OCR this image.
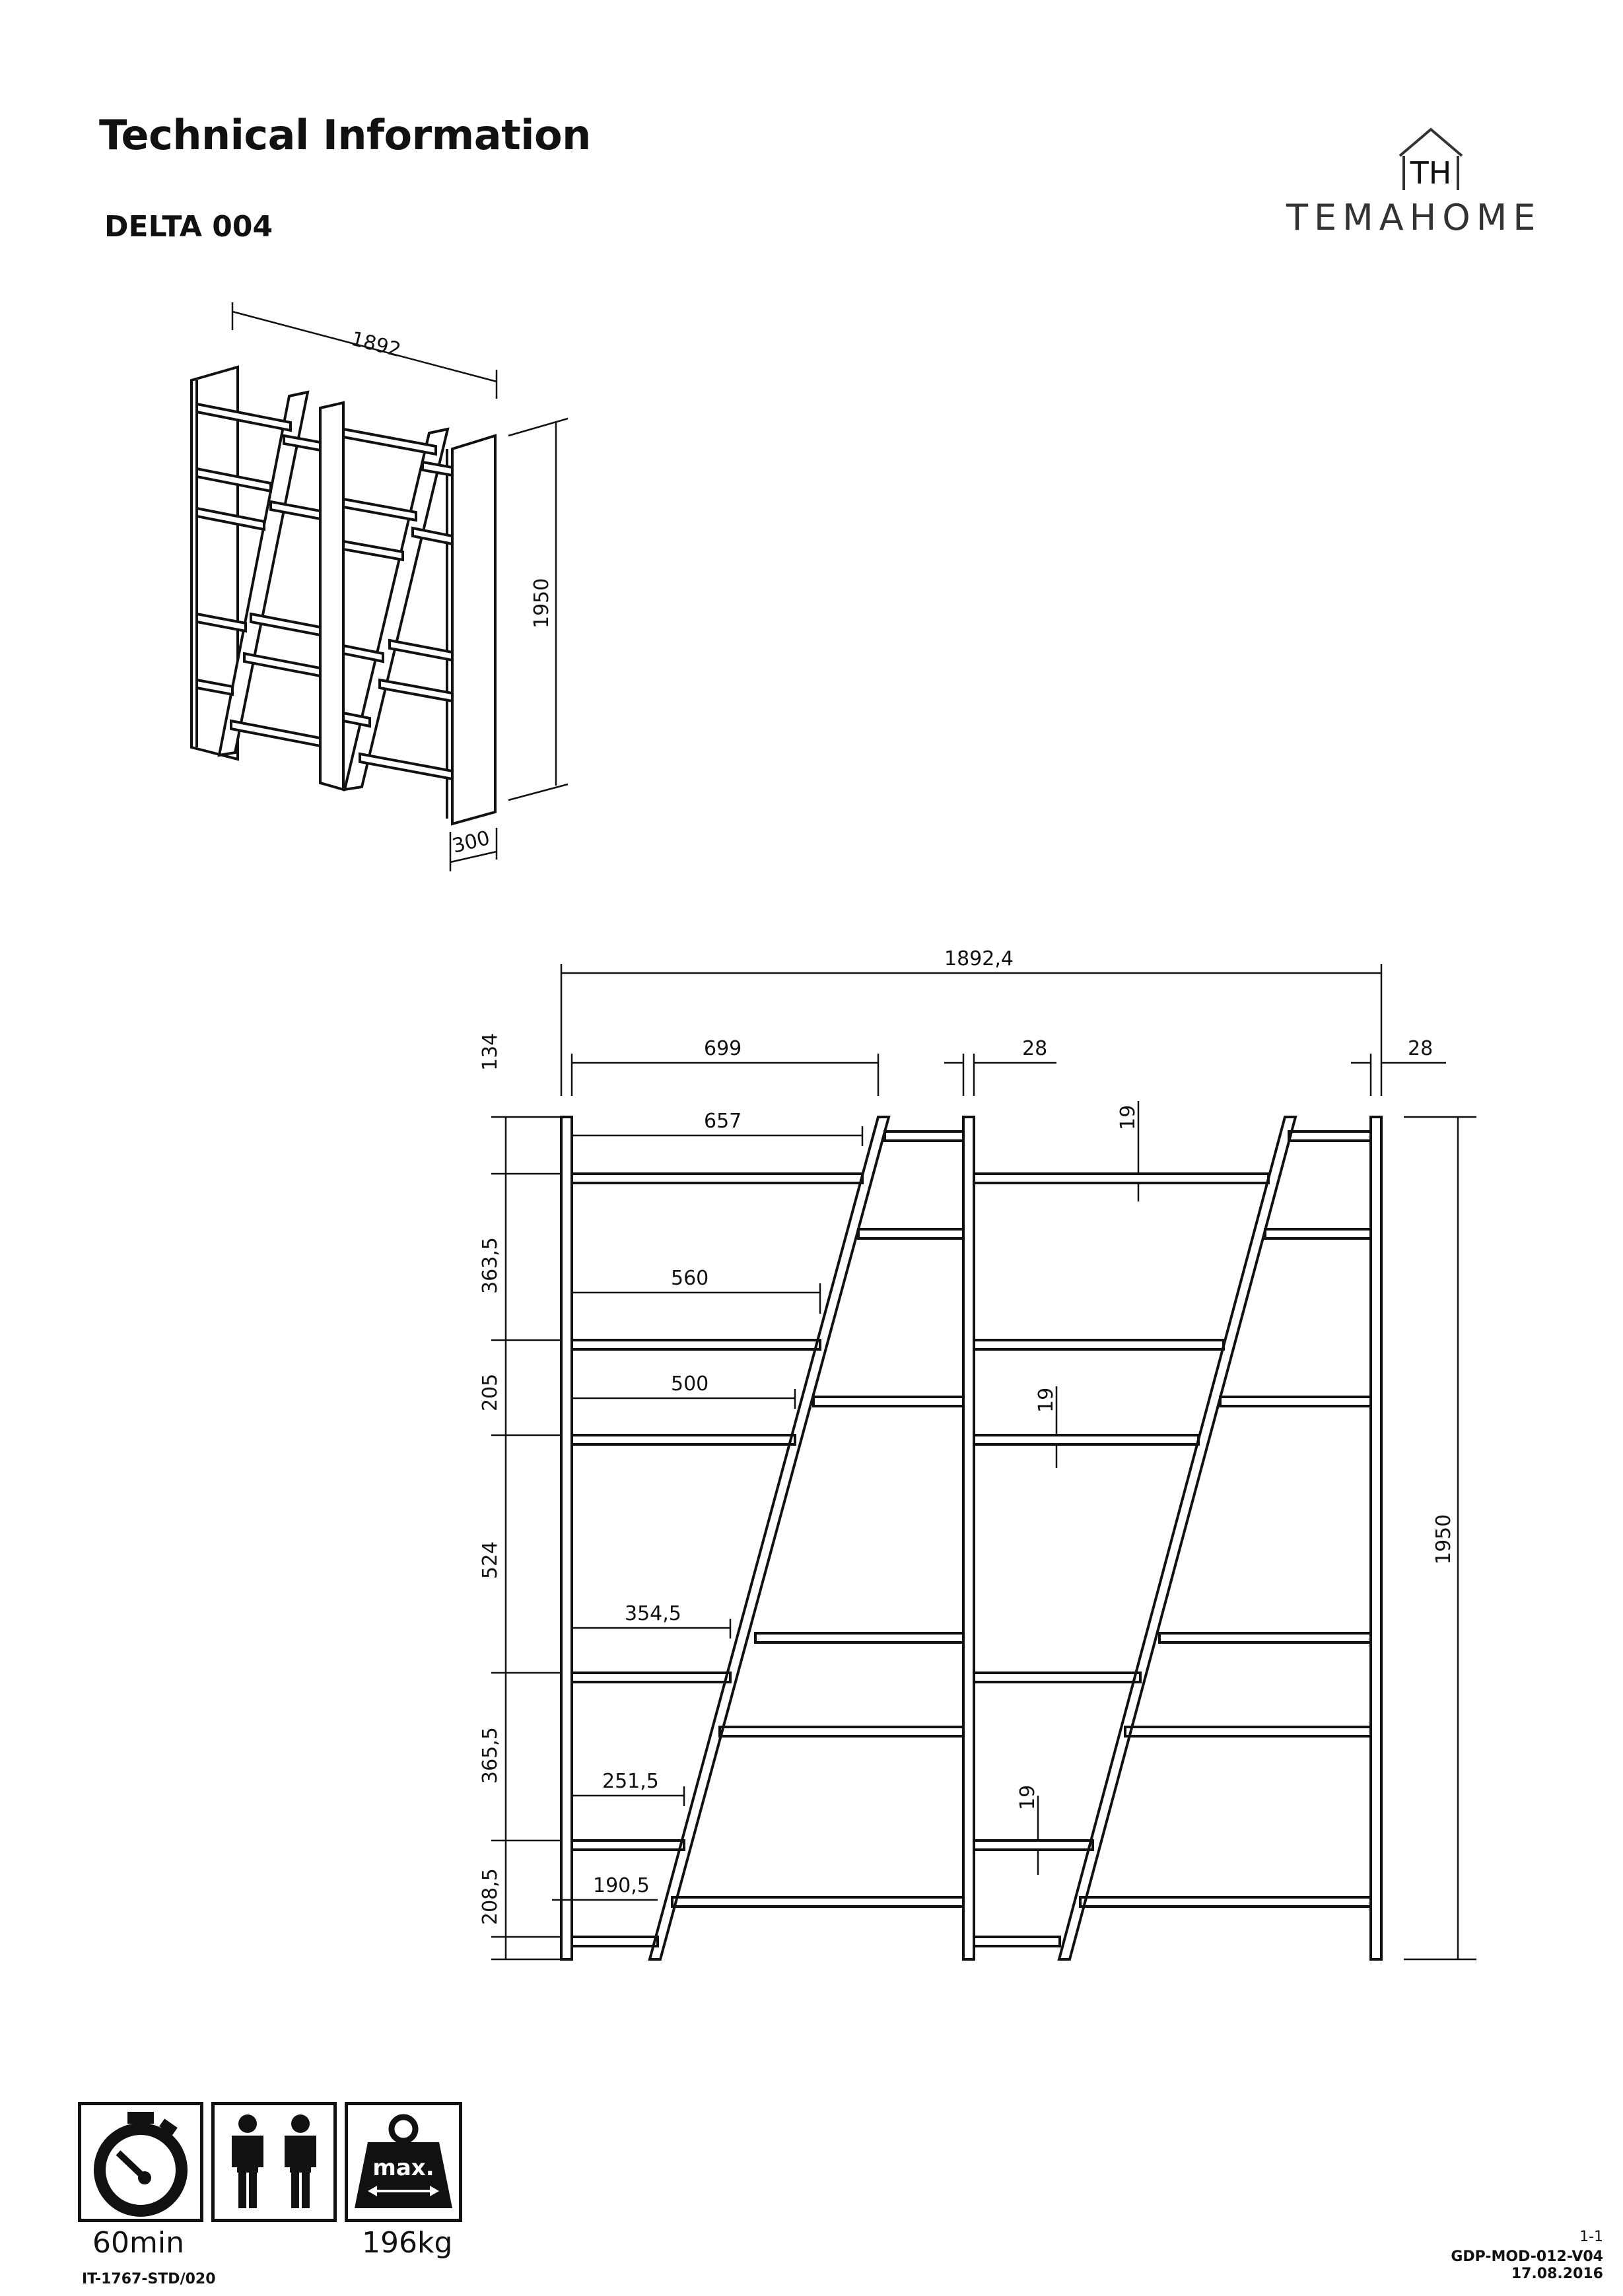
Technical Information
DELTA 004
TH
TEMAHOME
1892
1950
300
1892,4
699	28	28
657
560
500
354,5
251,5
190,5
19
19
19
134
363,5
205
524
365,5
208,5
1950
max.
60min	196kg
IT-1767-STD/020
1-1
GDP-MOD-012-V04
17.08.2016
